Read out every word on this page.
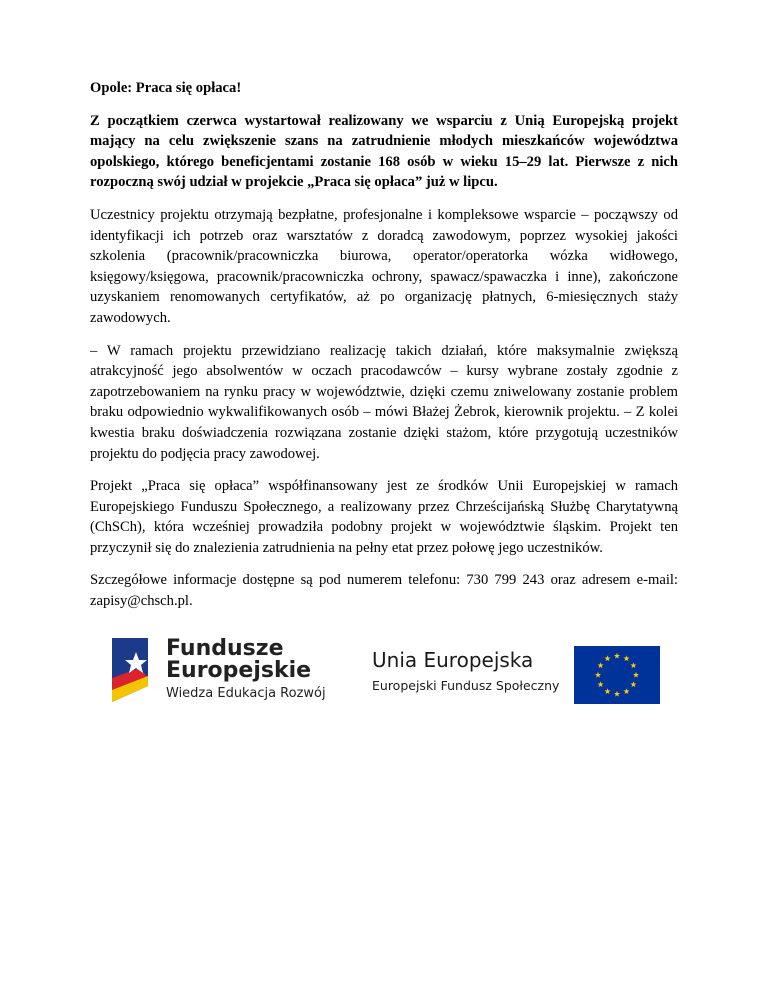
Opole: Praca się opłaca!

Z początkiem czerwca wystartował realizowany we wsparciu z Unią Europejską projekt mający na celu zwiększenie szans na zatrudnienie młodych mieszkańców województwa opolskiego, którego beneficjentami zostanie 168 osób w wieku 15–29 lat. Pierwsze z nich rozpoczną swój udział w projekcie „Praca się opłaca” już w lipcu.

Uczestnicy projektu otrzymają bezpłatne, profesjonalne i kompleksowe wsparcie – począwszy od identyfikacji ich potrzeb oraz warsztatów z doradcą zawodowym, poprzez wysokiej jakości szkolenia (pracownik/pracowniczka biurowa, operator/operatorka wózka widłowego, księgowy/księgowa, pracownik/pracowniczka ochrony, spawacz/spawaczka i inne), zakończone uzyskaniem renomowanych certyfikatów, aż po organizację płatnych, 6-miesięcznych staży zawodowych.

– W ramach projektu przewidziano realizację takich działań, które maksymalnie zwiększą atrakcyjność jego absolwentów w oczach pracodawców – kursy wybrane zostały zgodnie z zapotrzebowaniem na rynku pracy w województwie, dzięki czemu zniwelowany zostanie problem braku odpowiednio wykwalifikowanych osób – mówi Błażej Żebrok, kierownik projektu. – Z kolei kwestia braku doświadczenia rozwiązana zostanie dzięki stażom, które przygotują uczestników projektu do podjęcia pracy zawodowej.

Projekt „Praca się opłaca” współfinansowany jest ze środków Unii Europejskiej w ramach Europejskiego Funduszu Społecznego, a realizowany przez Chrześcijańską Służbę Charytatywną (ChSCh), która wcześniej prowadziła podobny projekt w województwie śląskim. Projekt ten przyczynił się do znalezienia zatrudnienia na pełny etat przez połowę jego uczestników.

Szczegółowe informacje dostępne są pod numerem telefonu: 730 799 243 oraz adresem e-mail: zapisy@chsch.pl.

Fundusze
Europejskie
Wiedza Edukacja Rozwój
Unia Europejska
Europejski Fundusz Społeczny
